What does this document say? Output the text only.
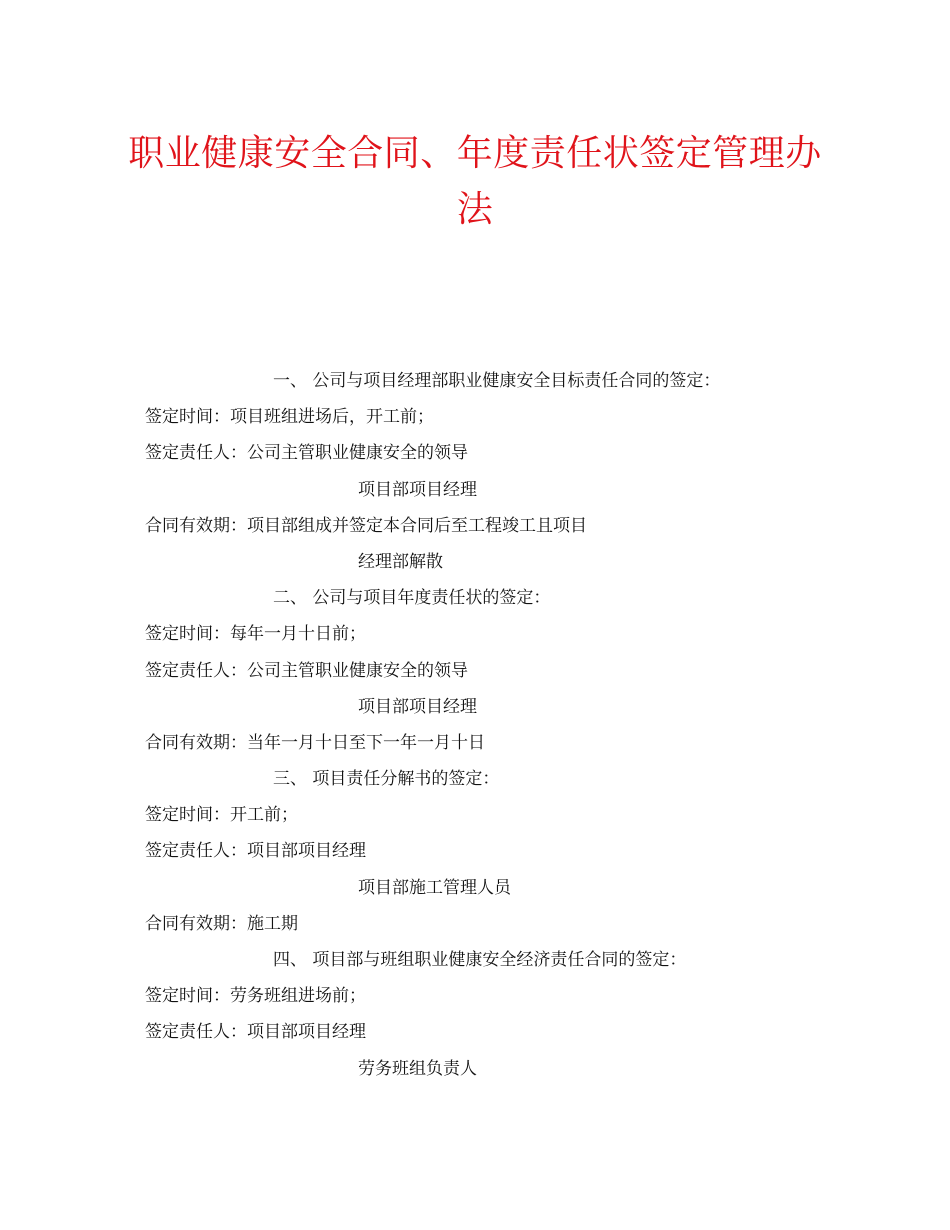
职业健康安全合同、年度责任状签定管理办
法
一、 公司与项目经理部职业健康安全目标责任合同的签定：
签定时间：项目班组进场后，开工前；
签定责任人：公司主管职业健康安全的领导
项目部项目经理
合同有效期：项目部组成并签定本合同后至工程竣工且项目
经理部解散
二、 公司与项目年度责任状的签定：
签定时间：每年一月十日前；
签定责任人：公司主管职业健康安全的领导
项目部项目经理
合同有效期：当年一月十日至下一年一月十日
三、 项目责任分解书的签定：
签定时间：开工前；
签定责任人：项目部项目经理
项目部施工管理人员
合同有效期：施工期
四、 项目部与班组职业健康安全经济责任合同的签定：
签定时间：劳务班组进场前；
签定责任人：项目部项目经理
劳务班组负责人
